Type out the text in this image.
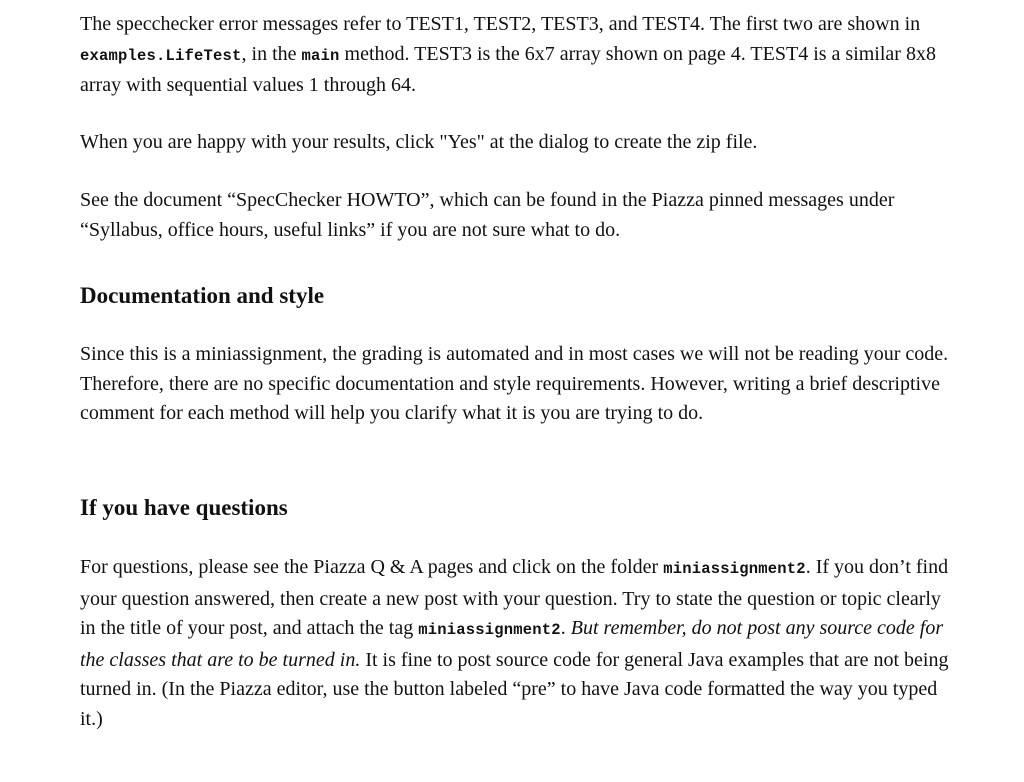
The specchecker error messages refer to TEST1, TEST2, TEST3, and TEST4. The first two are shown in examples.LifeTest, in the main method. TEST3 is the 6x7 array shown on page 4. TEST4 is a similar 8x8 array with sequential values 1 through 64.

When you are happy with your results, click "Yes" at the dialog to create the zip file.

See the document “SpecChecker HOWTO”, which can be found in the Piazza pinned messages under “Syllabus, office hours, useful links” if you are not sure what to do.

Documentation and style

Since this is a miniassignment, the grading is automated and in most cases we will not be reading your code. Therefore, there are no specific documentation and style requirements. However, writing a brief descriptive comment for each method will help you clarify what it is you are trying to do.

If you have questions

For questions, please see the Piazza Q & A pages and click on the folder miniassignment2. If you don’t find your question answered, then create a new post with your question. Try to state the question or topic clearly in the title of your post, and attach the tag miniassignment2. But remember, do not post any source code for the classes that are to be turned in. It is fine to post source code for general Java examples that are not being turned in. (In the Piazza editor, use the button labeled “pre” to have Java code formatted the way you typed it.)
